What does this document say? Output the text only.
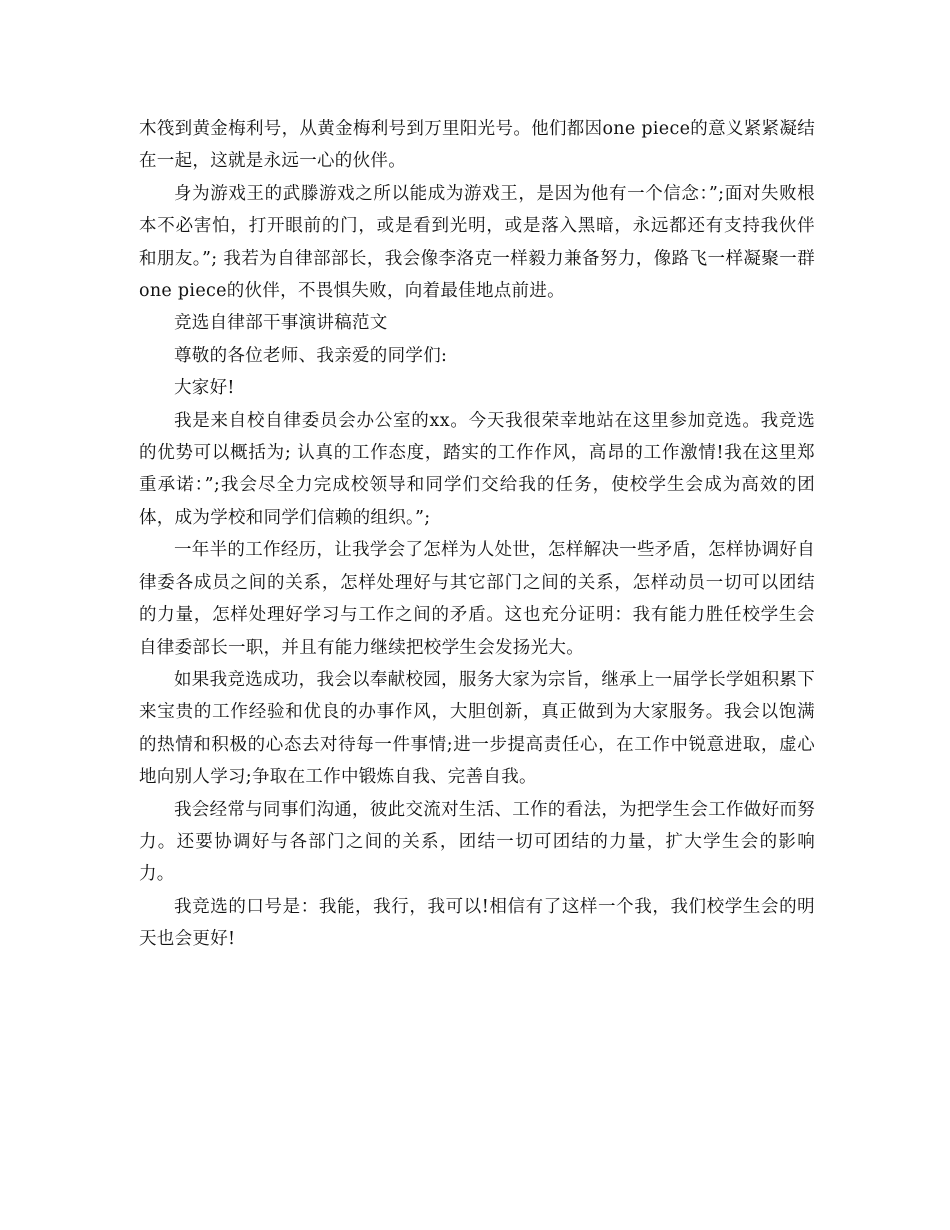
木筏到黄金梅利号，从黄金梅利号到万里阳光号。他们都因one piece的意义紧紧凝结在一起，这就是永远一心的伙伴。

身为游戏王的武滕游戏之所以能成为游戏王，是因为他有一个信念：”;面对失败根本不必害怕，打开眼前的门，或是看到光明，或是落入黑暗，永远都还有支持我伙伴和朋友。”; 我若为自律部部长，我会像李洛克一样毅力兼备努力，像路飞一样凝聚一群one piece的伙伴，不畏惧失败，向着最佳地点前进。

竞选自律部干事演讲稿范文

尊敬的各位老师、我亲爱的同学们:

大家好!

我是来自校自律委员会办公室的xx。今天我很荣幸地站在这里参加竞选。我竞选的优势可以概括为; 认真的工作态度，踏实的工作作风，高昂的工作激情!我在这里郑重承诺：”;我会尽全力完成校领导和同学们交给我的任务，使校学生会成为高效的团体，成为学校和同学们信赖的组织。”;

一年半的工作经历，让我学会了怎样为人处世，怎样解决一些矛盾，怎样协调好自律委各成员之间的关系，怎样处理好与其它部门之间的关系，怎样动员一切可以团结的力量，怎样处理好学习与工作之间的矛盾。这也充分证明：我有能力胜任校学生会自律委部长一职，并且有能力继续把校学生会发扬光大。

如果我竞选成功，我会以奉献校园，服务大家为宗旨，继承上一届学长学姐积累下来宝贵的工作经验和优良的办事作风，大胆创新，真正做到为大家服务。我会以饱满的热情和积极的心态去对待每一件事情;进一步提高责任心，在工作中锐意进取，虚心地向别人学习;争取在工作中锻炼自我、完善自我。

我会经常与同事们沟通，彼此交流对生活、工作的看法，为把学生会工作做好而努力。还要协调好与各部门之间的关系，团结一切可团结的力量，扩大学生会的影响力。

我竞选的口号是：我能，我行，我可以!相信有了这样一个我，我们校学生会的明天也会更好!
